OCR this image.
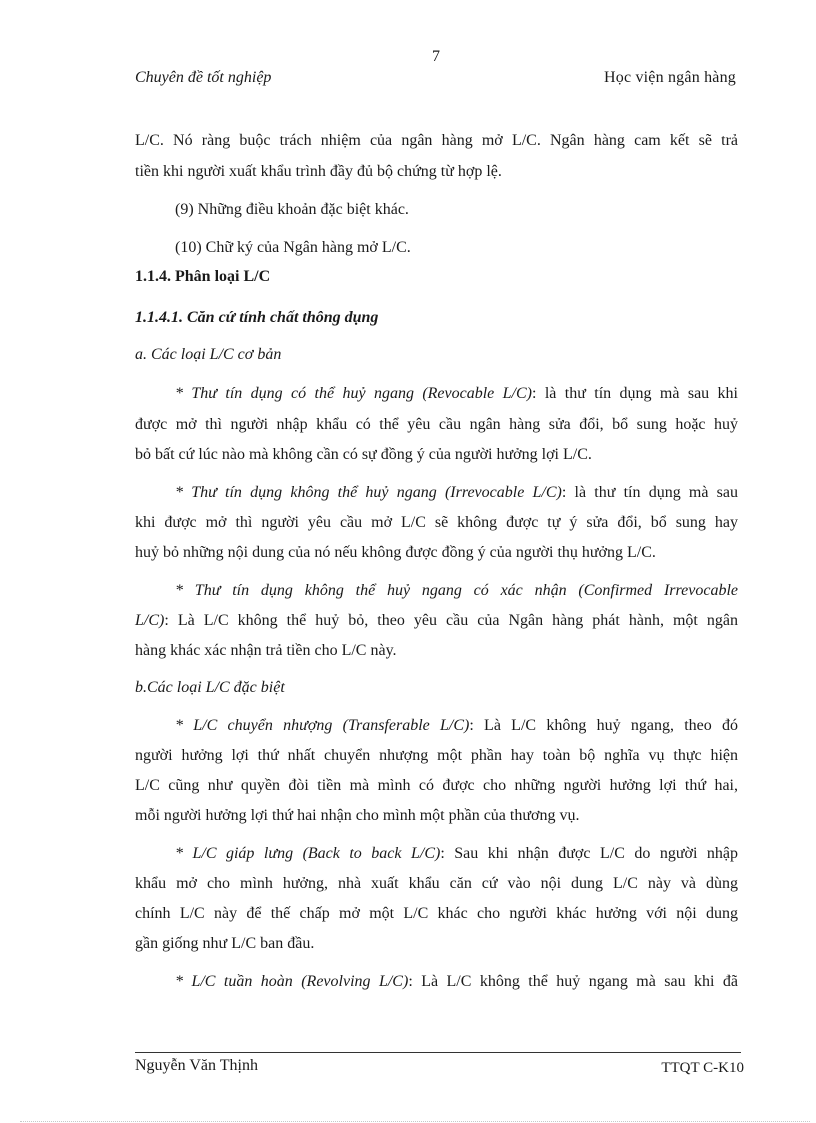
7
Chuyên đề tốt nghiệp	Học viện ngân hàng
L/C. Nó ràng buộc trách nhiệm của ngân hàng mở L/C. Ngân hàng cam kết sẽ trả
tiền khi người xuất khẩu trình đầy đủ bộ chứng từ hợp lệ.
(9) Những điều khoản đặc biệt khác.
(10) Chữ ký của Ngân hàng mở L/C.
1.1.4. Phân loại L/C
1.1.4.1. Căn cứ tính chất thông dụng
a. Các loại L/C cơ bản
* Thư tín dụng có thể huỷ ngang (Revocable L/C): là thư tín dụng mà sau khi
được mở thì người nhập khẩu có thể yêu cầu ngân hàng sửa đổi, bổ sung hoặc huỷ
bỏ bất cứ lúc nào mà không cần có sự đồng ý của người hưởng lợi L/C.
* Thư tín dụng không thể huỷ ngang (Irrevocable L/C): là thư tín dụng mà sau
khi được mở thì người yêu cầu mở L/C sẽ không được tự ý sửa đổi, bổ sung hay
huỷ bỏ những nội dung của nó nếu không được đồng ý của người thụ hưởng L/C.
* Thư tín dụng không thể huỷ ngang có xác nhận (Confirmed Irrevocable
L/C): Là L/C không thể huỷ bỏ, theo yêu cầu của Ngân hàng phát hành, một ngân
hàng khác xác nhận trả tiền cho L/C này.
b.Các loại L/C đặc biệt
* L/C chuyển nhượng (Transferable L/C): Là L/C không huỷ ngang, theo đó
người hưởng lợi thứ nhất chuyển nhượng một phần hay toàn bộ nghĩa vụ thực hiện
L/C cũng như quyền đòi tiền mà mình có được cho những người hưởng lợi thứ hai,
mỗi người hưởng lợi thứ hai nhận cho mình một phần của thương vụ.
* L/C giáp lưng (Back to back L/C): Sau khi nhận được L/C do người nhập
khẩu mở cho mình hưởng, nhà xuất khẩu căn cứ vào nội dung L/C này và dùng
chính L/C này để thế chấp mở một L/C khác cho người khác hưởng với nội dung
gần giống như L/C ban đầu.
* L/C tuần hoàn (Revolving L/C): Là L/C không thể huỷ ngang mà sau khi đã
Nguyễn Văn Thịnh	TTQT C-K10
